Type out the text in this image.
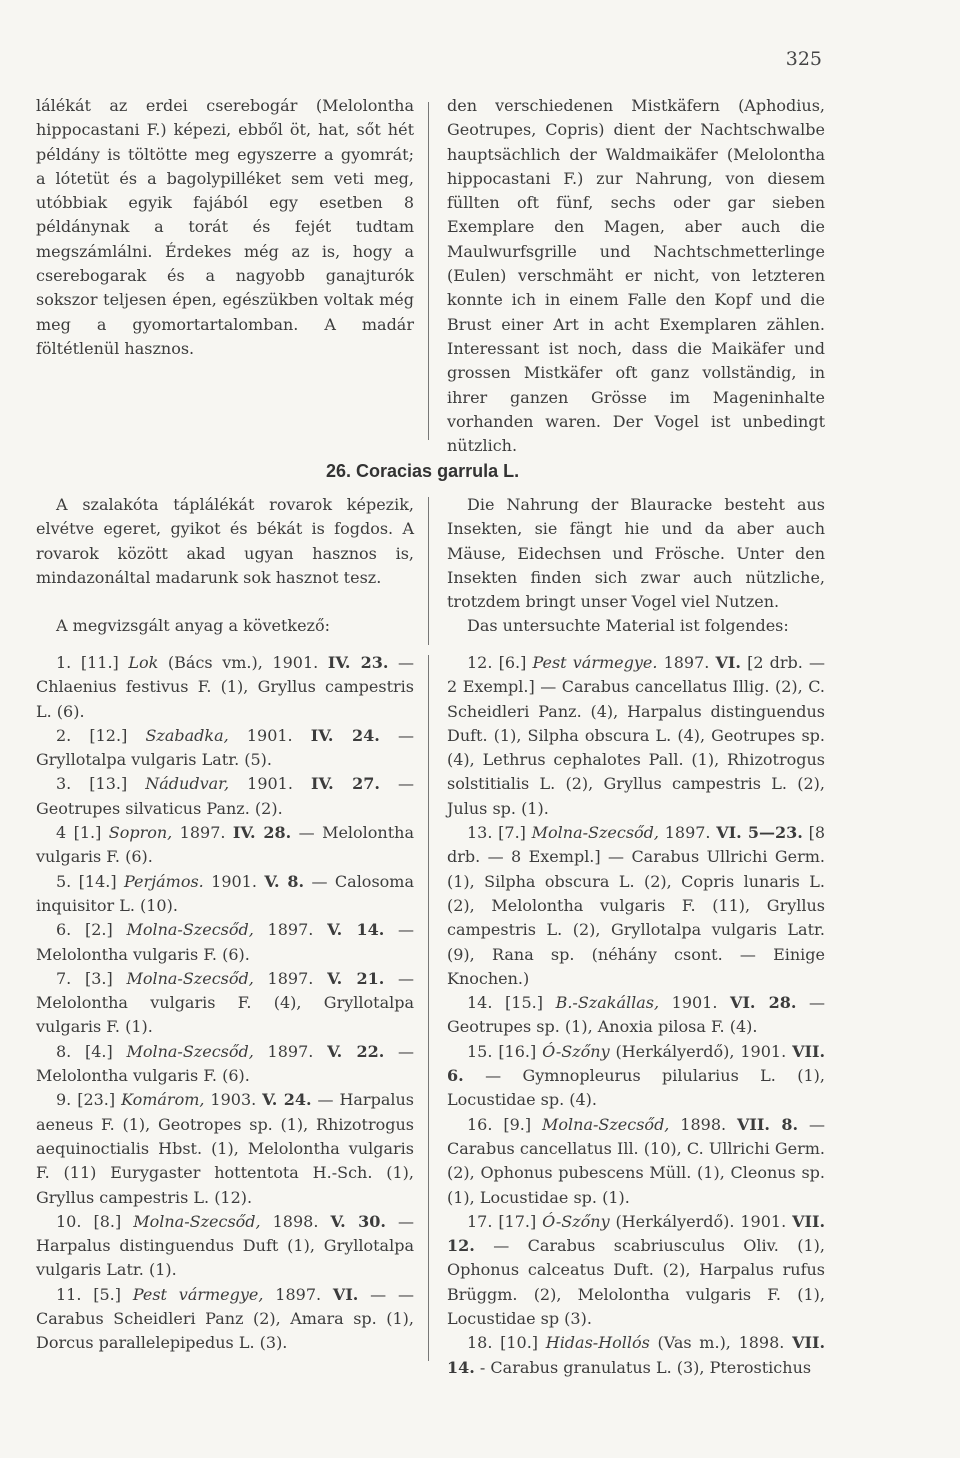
325

lálékát az erdei cserebogár (Melolontha hippocastani F.) képezi, ebből öt, hat, sőt hét példány is töltötte meg egyszerre a gyomrát; a lótetüt és a bagolypilléket sem veti meg, utóbbiak egyik fajából egy esetben 8 példánynak a torát és fejét tudtam megszámlálni. Érdekes még az is, hogy a cserebogarak és a nagyobb ganajturók sokszor teljesen épen, egészükben voltak még meg a gyomortartalomban. A madár föltétlenül hasznos.

den verschiedenen Mistkäfern (Aphodius, Geotrupes, Copris) dient der Nachtschwalbe hauptsächlich der Waldmaikäfer (Melolontha hippocastani F.) zur Nahrung, von diesem füllten oft fünf, sechs oder gar sieben Exemplare den Magen, aber auch die Maulwurfsgrille und Nachtschmetterlinge (Eulen) verschmäht er nicht, von letzteren konnte ich in einem Falle den Kopf und die Brust einer Art in acht Exemplaren zählen. Interessant ist noch, dass die Maikäfer und grossen Mistkäfer oft ganz vollständig, in ihrer ganzen Grösse im Mageninhalte vorhanden waren. Der Vogel ist unbedingt nützlich.

26. Coracias garrula L.

A szalakóta táplálékát rovarok képezik, elvétve egeret, gyikot és békát is fogdos. A rovarok között akad ugyan hasznos is, mindazonáltal madarunk sok hasznot tesz.

A megvizsgált anyag a következő:

Die Nahrung der Blauracke besteht aus Insekten, sie fängt hie und da aber auch Mäuse, Eidechsen und Frösche. Unter den Insekten finden sich zwar auch nützliche, trotzdem bringt unser Vogel viel Nutzen.

Das untersuchte Material ist folgendes:

1. [11.] Lok (Bács vm.), 1901. IV. 23. — Chlaenius festivus F. (1), Gryllus campestris L. (6).

2. [12.] Szabadka, 1901. IV. 24. — Gryllotalpa vulgaris Latr. (5).

3. [13.] Nádudvar, 1901. IV. 27. — Geotrupes silvaticus Panz. (2).

4 [1.] Sopron, 1897. IV. 28. — Melolontha vulgaris F. (6).

5. [14.] Perjámos. 1901. V. 8. — Calosoma inquisitor L. (10).

6. [2.] Molna-Szecsőd, 1897. V. 14. — Melolontha vulgaris F. (6).

7. [3.] Molna-Szecsőd, 1897. V. 21. — Melolontha vulgaris F. (4), Gryllotalpa vulgaris F. (1).

8. [4.] Molna-Szecsőd, 1897. V. 22. — Melolontha vulgaris F. (6).

9. [23.] Komárom, 1903. V. 24. — Harpalus aeneus F. (1), Geotropes sp. (1), Rhizotrogus aequinoctialis Hbst. (1), Melolontha vulgaris F. (11) Eurygaster hottentota H.-Sch. (1), Gryllus campestris L. (12).

10. [8.] Molna-Szecsőd, 1898. V. 30. — Harpalus distinguendus Duft (1), Gryllotalpa vulgaris Latr. (1).

11. [5.] Pest vármegye, 1897. VI. — — Carabus Scheidleri Panz (2), Amara sp. (1), Dorcus parallelepipedus L. (3).

12. [6.] Pest vármegye. 1897. VI. [2 drb. — 2 Exempl.] — Carabus cancellatus Illig. (2), C. Scheidleri Panz. (4), Harpalus distinguendus Duft. (1), Silpha obscura L. (4), Geotrupes sp. (4), Lethrus cephalotes Pall. (1), Rhizotrogus solstitialis L. (2), Gryllus campestris L. (2), Julus sp. (1).

13. [7.] Molna-Szecsőd, 1897. VI. 5—23. [8 drb. — 8 Exempl.] — Carabus Ullrichi Germ. (1), Silpha obscura L. (2), Copris lunaris L. (2), Melolontha vulgaris F. (11), Gryllus campestris L. (2), Gryllotalpa vulgaris Latr. (9), Rana sp. (néhány csont. — Einige Knochen.)

14. [15.] B.-Szakállas, 1901. VI. 28. — Geotrupes sp. (1), Anoxia pilosa F. (4).

15. [16.] Ó-Szőny (Herkályerdő), 1901. VII. 6. — Gymnopleurus pilularius L. (1), Locustidae sp. (4).

16. [9.] Molna-Szecsőd, 1898. VII. 8. — Carabus cancellatus Ill. (10), C. Ullrichi Germ. (2), Ophonus pubescens Müll. (1), Cleonus sp. (1), Locustidae sp. (1).

17. [17.] Ó-Szőny (Herkályerdő). 1901. VII. 12. — Carabus scabriusculus Oliv. (1), Ophonus calceatus Duft. (2), Harpalus rufus Brüggm. (2), Melolontha vulgaris F. (1), Locustidae sp (3).

18. [10.] Hidas-Hollós (Vas m.), 1898. VII. 14. - Carabus granulatus L. (3), Pterostichus
